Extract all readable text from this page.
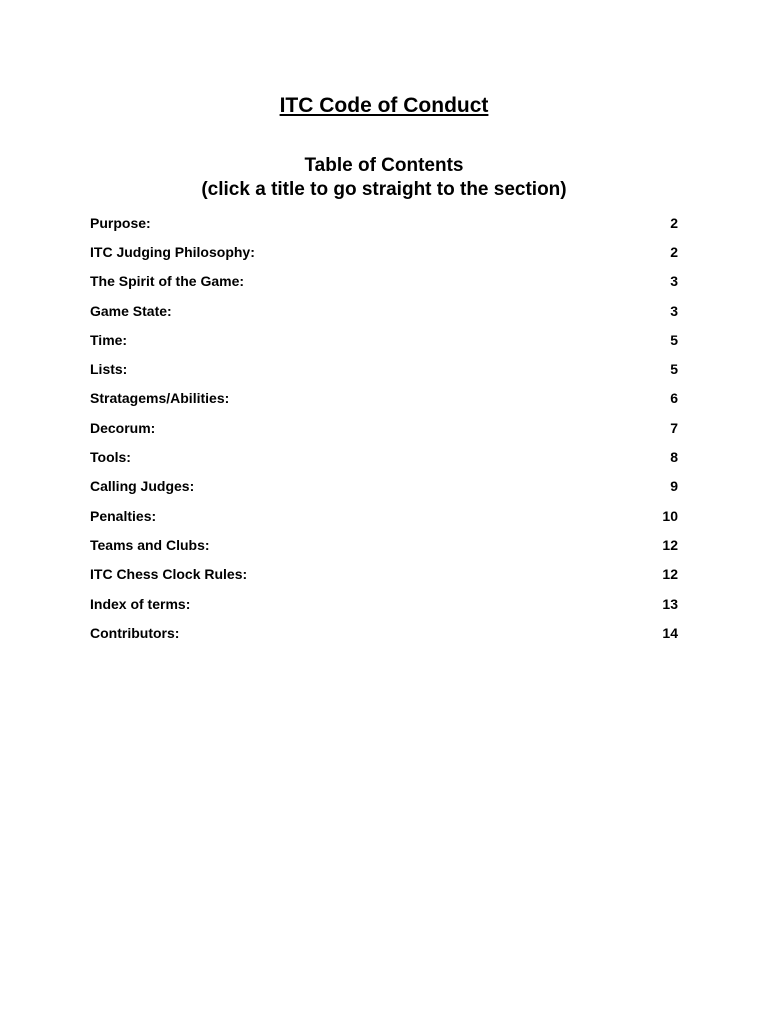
ITC Code of Conduct
Table of Contents
(click a title to go straight to the section)
Purpose:	2
ITC Judging Philosophy:	2
The Spirit of the Game:	3
Game State:	3
Time:	5
Lists:	5
Stratagems/Abilities:	6
Decorum:	7
Tools:	8
Calling Judges:	9
Penalties:	10
Teams and Clubs:	12
ITC Chess Clock Rules:	12
Index of terms:	13
Contributors:	14
